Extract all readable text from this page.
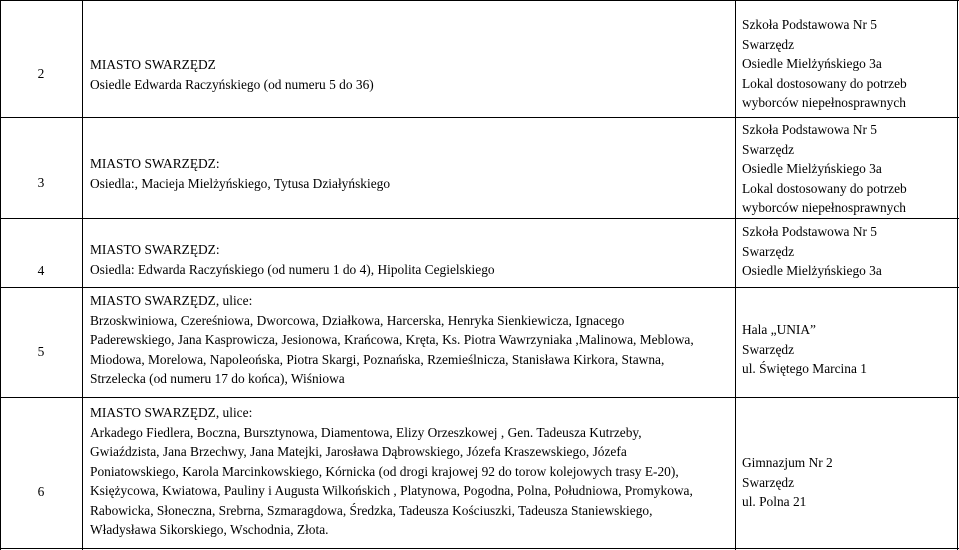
2
MIASTO SWARZĘDZ
Osiedle Edwarda Raczyńskiego (od numeru 5 do 36)
Szkoła Podstawowa Nr 5
Swarzędz
Osiedle Mielżyńskiego 3a
Lokal dostosowany do potrzeb
wyborców niepełnosprawnych
3
MIASTO SWARZĘDZ:
Osiedla:, Macieja Mielżyńskiego, Tytusa Działyńskiego
Szkoła Podstawowa Nr 5
Swarzędz
Osiedle Mielżyńskiego 3a
Lokal dostosowany do potrzeb
wyborców niepełnosprawnych
4
MIASTO SWARZĘDZ:
Osiedla: Edwarda Raczyńskiego (od numeru 1 do 4), Hipolita Cegielskiego
Szkoła Podstawowa Nr 5
Swarzędz
Osiedle Mielżyńskiego 3a
5
MIASTO SWARZĘDZ, ulice:
Brzoskwiniowa, Czereśniowa, Dworcowa, Działkowa, Harcerska, Henryka Sienkiewicza, Ignacego
Paderewskiego, Jana Kasprowicza, Jesionowa, Krańcowa, Kręta, Ks. Piotra Wawrzyniaka ,Malinowa, Meblowa,
Miodowa, Morelowa, Napoleońska, Piotra Skargi, Poznańska, Rzemieślnicza, Stanisława Kirkora, Stawna,
Strzelecka (od numeru 17 do końca), Wiśniowa
Hala „UNIA”
Swarzędz
ul. Świętego Marcina 1
6
MIASTO SWARZĘDZ, ulice:
Arkadego Fiedlera, Boczna, Bursztynowa, Diamentowa, Elizy Orzeszkowej , Gen. Tadeusza Kutrzeby,
Gwiaździsta, Jana Brzechwy, Jana Matejki, Jarosława Dąbrowskiego, Józefa Kraszewskiego, Józefa
Poniatowskiego, Karola Marcinkowskiego, Kórnicka (od drogi krajowej 92 do torow kolejowych trasy E-20),
Księżycowa, Kwiatowa, Pauliny i Augusta Wilkońskich , Platynowa, Pogodna, Polna, Południowa, Promykowa,
Rabowicka, Słoneczna, Srebrna, Szmaragdowa, Średzka, Tadeusza Kościuszki, Tadeusza Staniewskiego,
Władysława Sikorskiego, Wschodnia, Złota.
Gimnazjum Nr 2
Swarzędz
ul. Polna 21
